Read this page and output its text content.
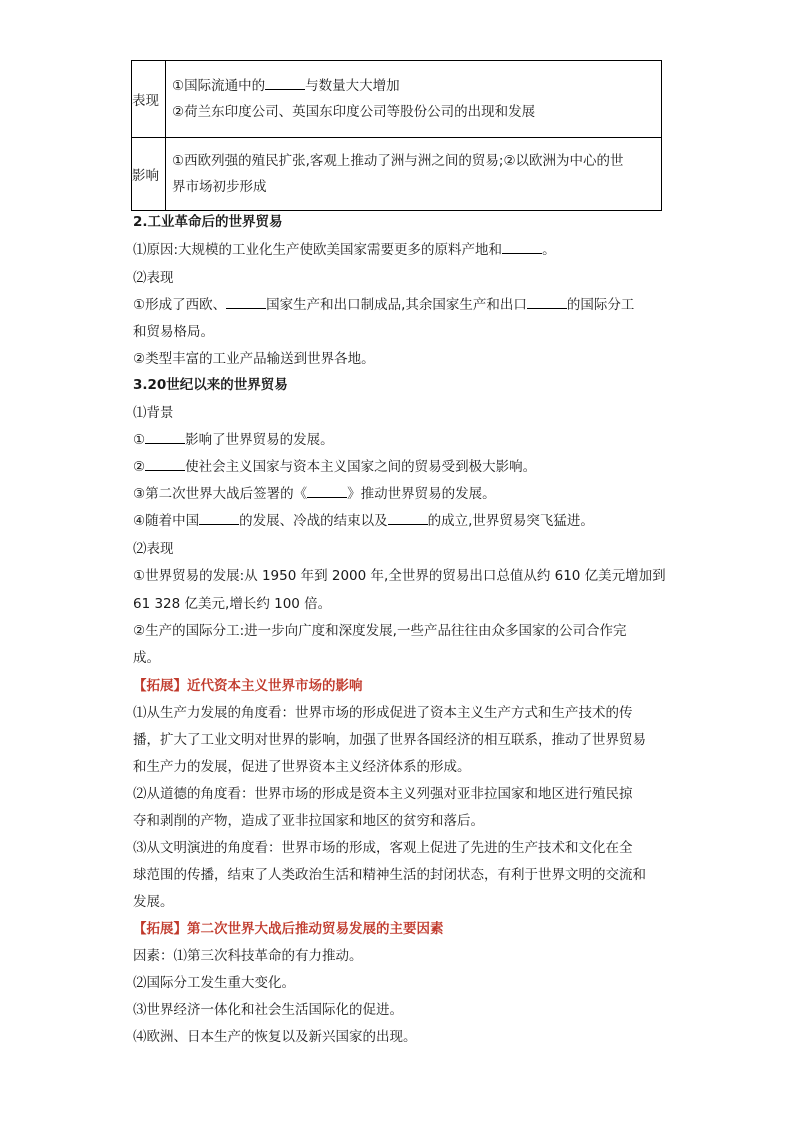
表现	①国际流通中的 与数量大大增加
②荷兰东印度公司、英国东印度公司等股份公司的出现和发展

影响	①西欧列强的殖民扩张,客观上推动了洲与洲之间的贸易;②以欧洲为中心的世
界市场初步形成
2.工业革命后的世界贸易
⑴原因:大规模的工业化生产使欧美国家需要更多的原料产地和	。
⑵表现
①形成了西欧、	国家生产和出口制成品,其余国家生产和出口	的国际分工
和贸易格局。
②类型丰富的工业产品输送到世界各地。
3.20世纪以来的世界贸易
⑴背景
①	影响了世界贸易的发展。
②	使社会主义国家与资本主义国家之间的贸易受到极大影响。
③第二次世界大战后签署的《	》推动世界贸易的发展。
④随着中国	的发展、冷战的结束以及	的成立,世界贸易突飞猛进。
⑵表现
①世界贸易的发展:从 1950 年到 2000 年,全世界的贸易出口总值从约 610 亿美元增加到
61 328 亿美元,增长约 100 倍。
②生产的国际分工:进一步向广度和深度发展,一些产品往往由众多国家的公司合作完
成。
【拓展】近代资本主义世界市场的影响
⑴从生产力发展的角度看：世界市场的形成促进了资本主义生产方式和生产技术的传
播，扩大了工业文明对世界的影响，加强了世界各国经济的相互联系，推动了世界贸易
和生产力的发展，促进了世界资本主义经济体系的形成。
⑵从道德的角度看：世界市场的形成是资本主义列强对亚非拉国家和地区进行殖民掠
夺和剥削的产物，造成了亚非拉国家和地区的贫穷和落后。
⑶从文明演进的角度看：世界市场的形成，客观上促进了先进的生产技术和文化在全
球范围的传播，结束了人类政治生活和精神生活的封闭状态，有利于世界文明的交流和
发展。
【拓展】第二次世界大战后推动贸易发展的主要因素
因素：⑴第三次科技革命的有力推动。
⑵国际分工发生重大变化。
⑶世界经济一体化和社会生活国际化的促进。
⑷欧洲、日本生产的恢复以及新兴国家的出现。
